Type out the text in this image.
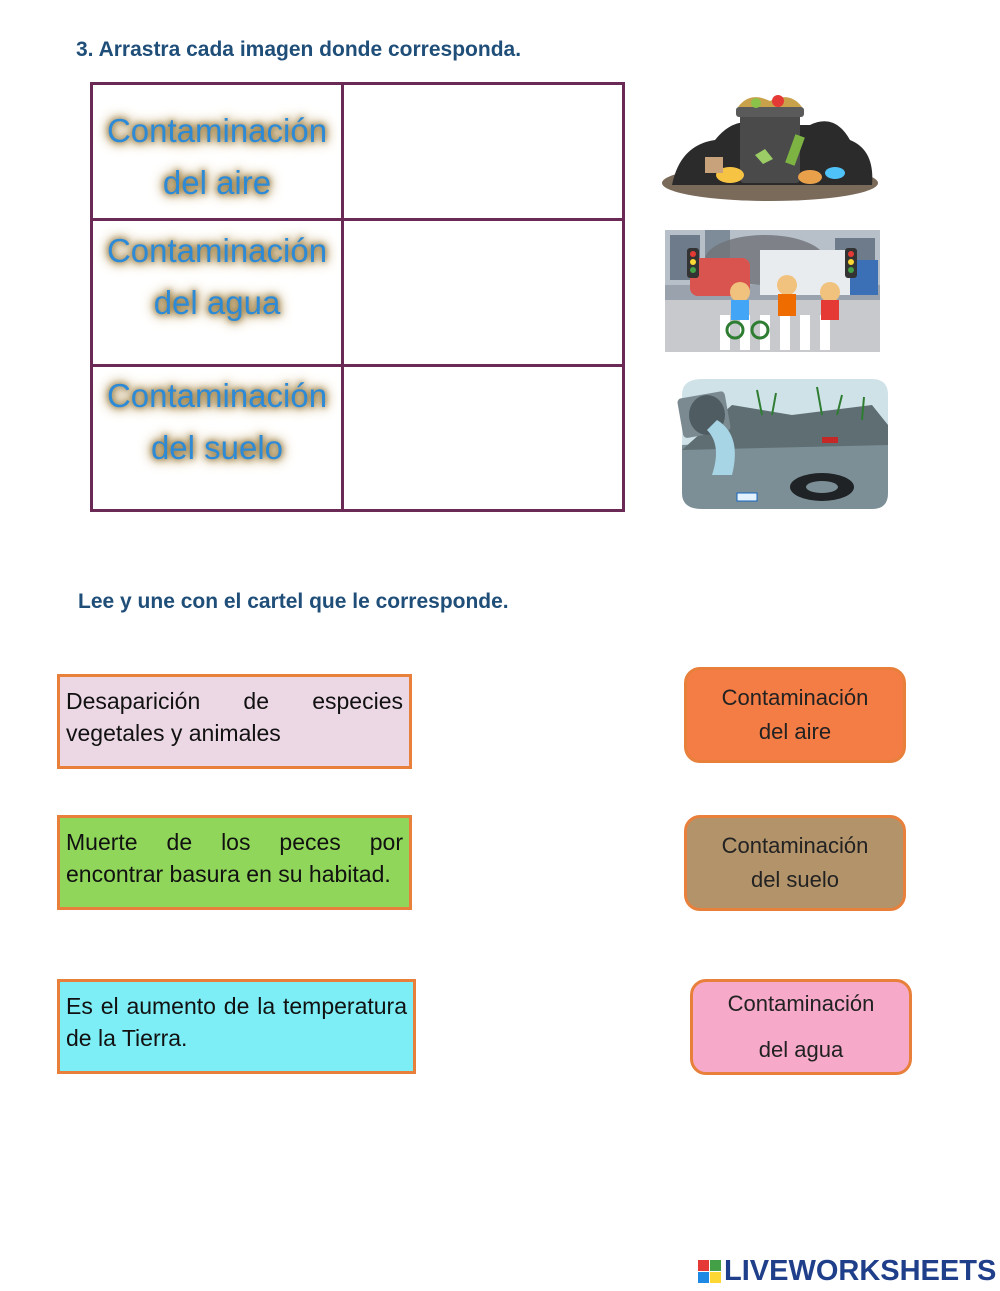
3. Arrastra cada imagen donde corresponda.
Contaminación
del aire
Contaminación
del agua
Contaminación
del suelo
Lee y une con el cartel que le corresponde.
Desaparición de especies vegetales y animales
Muerte de los peces por encontrar basura en su habitad.
Es el aumento de la temperatura de la Tierra.
Contaminación
del aire
Contaminación
del suelo
Contaminación
del agua
LIVEWORKSHEETS
